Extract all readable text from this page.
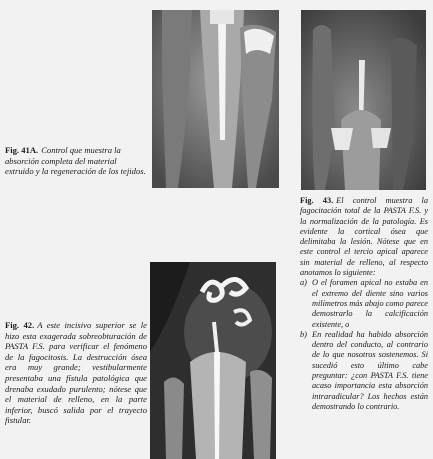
Fig. 41A. Control que muestra la absorción completa del material extruido y la regeneración de los tejidos.
Fig. 42. A este incisivo superior se le hizo esta exagerada sobreobturación de PASTA F.S. para verificar el fenómeno de la fagocitosis. La destrucción ósea era muy grande; vestibularmente presentaba una fístula patológica que drenaba exudado purulento; nótese que el material de relleno, en la parte inferior, buscó salida por el trayecto fistular.
Fig. 43. El control muestra la fagocitación total de la PASTA F.S. y la normalización de la patología. Es evidente la cortical ósea que delimitaba la lesión. Nótese que en este control el tercio apical aparece sin material de relleno, al respecto anotamos lo siguiente:
a) O el foramen apical no estaba en el extremo del diente sino varios milímetros más abajo como parece demostrarlo la calcificación existente, o
b) En realidad ha habido absorción dentro del conducto, al contrario de lo que nosotros sostenemos. Si sucedió esto último cabe preguntar: ¿con PASTA F.S. tiene acaso importancia esta absorción intraradicular? Los hechos están demostrando lo contrario.
